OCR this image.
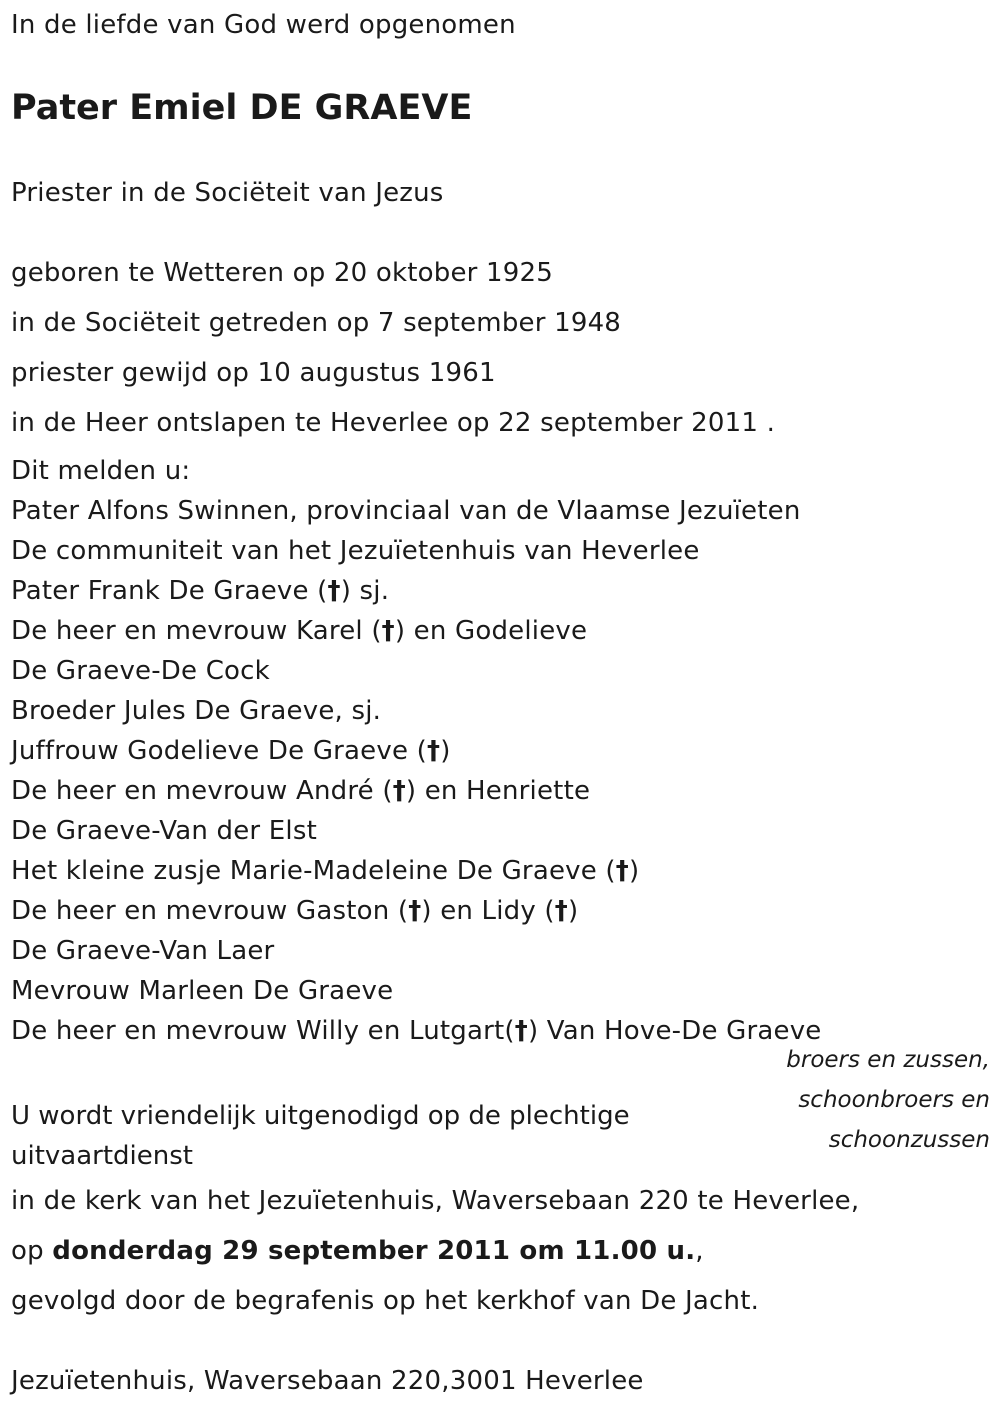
In de liefde van God werd opgenomen
Pater Emiel DE GRAEVE
Priester in de Sociëteit van Jezus
geboren te Wetteren op 20 oktober 1925
in de Sociëteit getreden op 7 september 1948
priester gewijd op 10 augustus 1961
in de Heer ontslapen te Heverlee op 22 september 2011 .
Dit melden u:
Pater Alfons Swinnen, provinciaal van de Vlaamse Jezuïeten
De communiteit van het Jezuïetenhuis van Heverlee
Pater Frank De Graeve (†) sj.
De heer en mevrouw Karel (†) en Godelieve
De Graeve-De Cock
Broeder Jules De Graeve, sj.
Juffrouw Godelieve De Graeve (†)
De heer en mevrouw André (†) en Henriette
De Graeve-Van der Elst
Het kleine zusje Marie-Madeleine De Graeve (†)
De heer en mevrouw Gaston (†) en Lidy (†)
De Graeve-Van Laer
Mevrouw Marleen De Graeve
De heer en mevrouw Willy en Lutgart(†) Van Hove-De Graeve
broers en zussen,
schoonbroers en
schoonzussen
U wordt vriendelijk uitgenodigd op de plechtige uitvaartdienst
in de kerk van het Jezuïetenhuis, Waversebaan 220 te Heverlee,
op donderdag 29 september 2011 om 11.00 u.,
gevolgd door de begrafenis op het kerkhof van De Jacht.
Jezuïetenhuis, Waversebaan 220,3001 Heverlee
